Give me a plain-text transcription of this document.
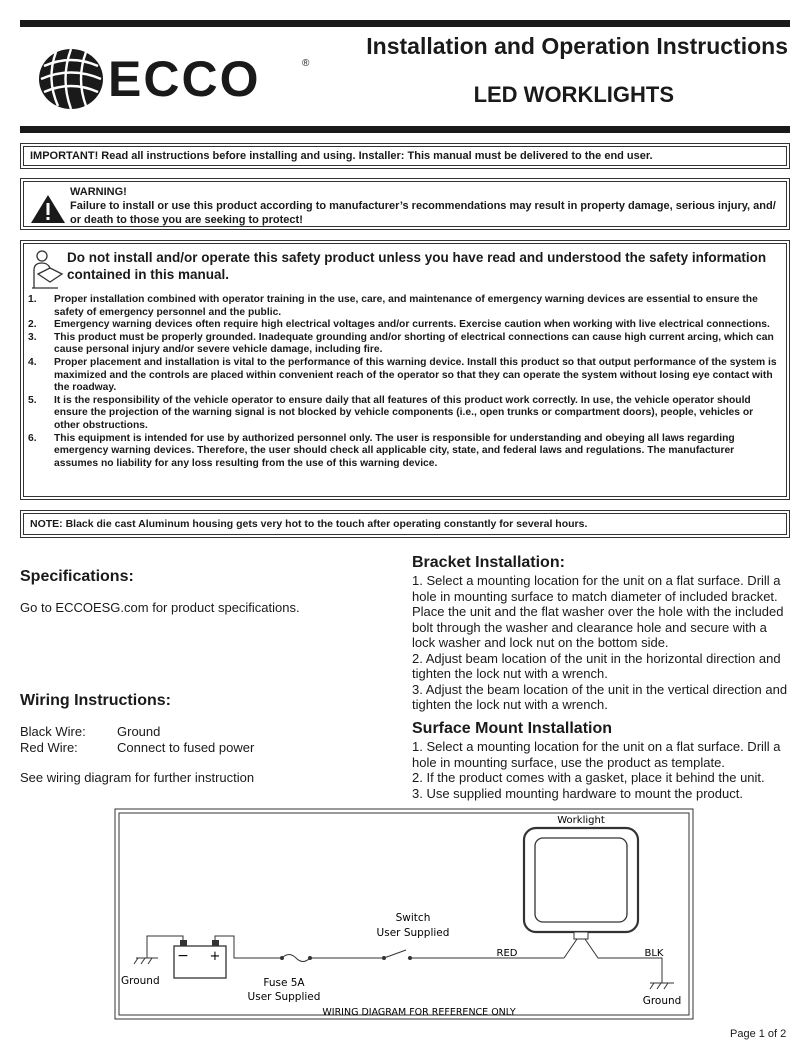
ECCO	®
Installation and Operation Instructions
LED WORKLIGHTS
IMPORTANT! Read all instructions before installing and using. Installer: This manual must be delivered to the end user.
WARNING!
Failure to install or use this product according to manufacturer’s recommendations may result in property damage, serious injury, and/ or death to those you are seeking to protect!
Do not install and/or operate this safety product unless you have read and understood the safety information contained in this manual.
1.	Proper installation combined with operator training in the use, care, and maintenance of emergency warning devices are essential to ensure the safety of emergency personnel and the public.
2.	Emergency warning devices often require high electrical voltages and/or currents. Exercise caution when working with live electrical connections.
3.	This product must be properly grounded. Inadequate grounding and/or shorting of electrical connections can cause high current arcing, which can cause personal injury and/or severe vehicle damage, including fire.
4.	Proper placement and installation is vital to the performance of this warning device. Install this product so that output performance of the system is maximized and the controls are placed within convenient reach of the operator so that they can operate the system without losing eye contact with the roadway.
5.	It is the responsibility of the vehicle operator to ensure daily that all features of this product work correctly. In use, the vehicle operator should ensure the projection of the warning signal is not blocked by vehicle components (i.e., open trunks or compartment doors), people, vehicles or other obstructions.
6.	This equipment is intended for use by authorized personnel only. The user is responsible for understanding and obeying all laws regarding emergency warning devices. Therefore, the user should check all applicable city, state, and federal laws and regulations. The manufacturer assumes no liability for any loss resulting from the use of this warning device.
NOTE: Black die cast Aluminum housing gets very hot to the touch after operating constantly for several hours.
Specifications:
Go to ECCOESG.com for product specifications.
Wiring Instructions:
Black Wire: Ground
Red Wire:	Connect to fused power
See wiring diagram for further instruction
Bracket Installation:
1. Select a mounting location for the unit on a flat surface. Drill a hole in mounting surface to match diameter of included bracket. Place the unit and the flat washer over the hole with the included bolt through the washer and clearance hole and secure with a lock washer and lock nut on the bottom side.
2. Adjust beam location of the unit in the horizontal direction and tighten the lock nut with a wrench.
3. Adjust the beam location of the unit in the vertical direction and tighten the lock nut with a wrench.
Surface Mount Installation
1. Select a mounting location for the unit on a flat surface. Drill a hole in mounting surface, use the product as template.
2. If the product comes with a gasket, place it behind the unit.
3. Use supplied mounting hardware to mount the product.
Worklight
− +
Ground
Switch
User Supplied
Fuse 5A
User Supplied
RED	BLK
Ground
WIRING DIAGRAM FOR REFERENCE ONLY
Page 1 of 2
